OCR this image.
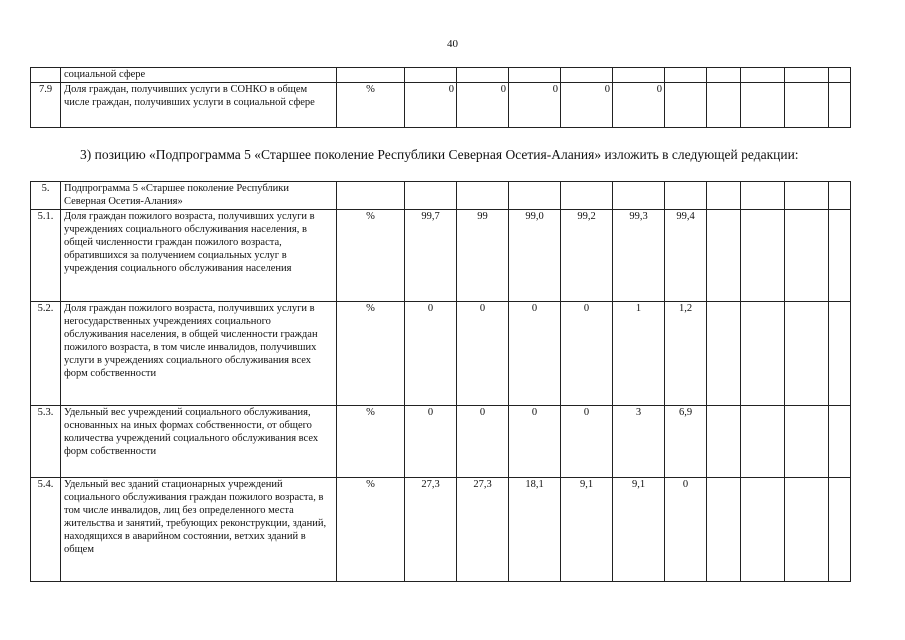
40
	социальной сфере											
7.9	Доля граждан, получивших услуги в СОНКО в общем числе граждан, получивших услуги в социальной сфере	%	0	0	0	0	0					
3) позицию «Подпрограмма 5 «Старшее поколение Республики Северная Осетия-Алания» изложить в следующей редакции:
5.	Подпрограмма 5 «Старшее поколение Республики Северная Осетия-Алания»											
5.1.	Доля граждан пожилого возраста, получивших услуги в учреждениях социального обслуживания населения, в общей численности граждан пожилого возраста, обратившихся за получением социальных услуг в учреждения социального обслуживания населения	%	99,7	99	99,0	99,2	99,3	99,4				
5.2.	Доля граждан пожилого возраста, получивших услуги в негосударственных учреждениях социального обслуживания населения, в общей численности граждан пожилого возраста, в том числе инвалидов, получивших услуги в учреждениях социального обслуживания всех форм собственности	%	0	0	0	0	1	1,2				
5.3.	Удельный вес учреждений социального обслуживания, основанных на иных формах собственности, от общего количества учреждений социального обслуживания всех форм собственности	%	0	0	0	0	3	6,9				
5.4.	Удельный вес зданий стационарных учреждений социального обслуживания граждан пожилого возраста, в том числе инвалидов, лиц без определенного места жительства и занятий, требующих реконструкции, зданий, находящихся в аварийном состоянии, ветхих зданий в общем	%	27,3	27,3	18,1	9,1	9,1	0				
